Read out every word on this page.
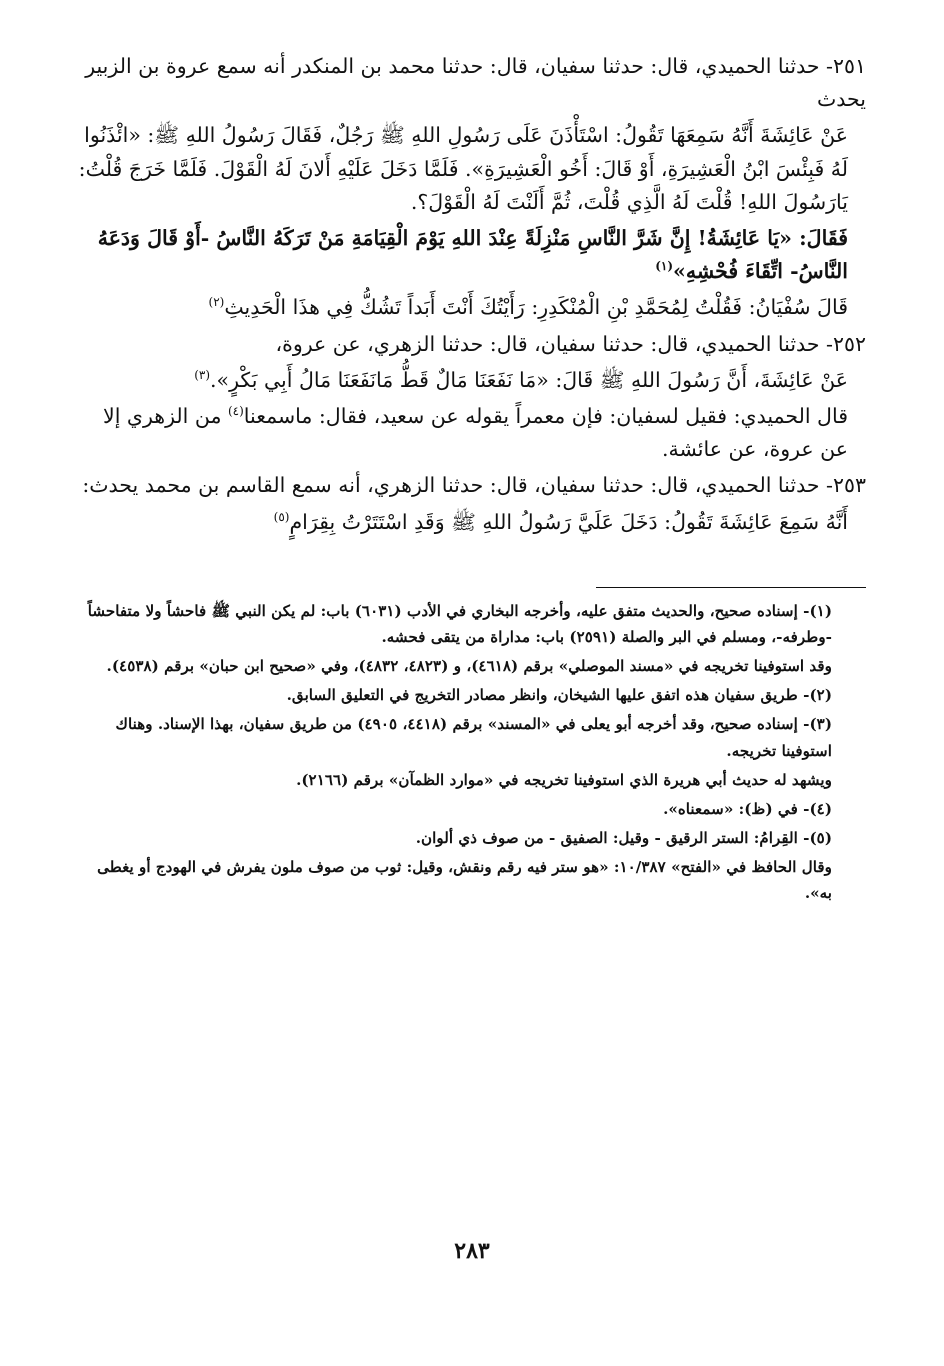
٢٥١- حدثنا الحميدي، قال: حدثنا سفيان، قال: حدثنا محمد بن المنكدر أنه سمع عروة بن الزبير يحدث

عَنْ عَائِشَةَ أَنَّهُ سَمِعَهَا تَقُولُ: اسْتَأْذَنَ عَلَى رَسُولِ اللهِ ﷺ رَجُلٌ، فَقَالَ رَسُولُ اللهِ ﷺ: «ائْذَنُوا لَهُ فَبِئْسَ ابْنُ الْعَشِيرَةِ، أَوْ قَالَ: أَخُو الْعَشِيرَةِ». فَلَمَّا دَخَلَ عَلَيْهِ أَلانَ لَهُ الْقَوْلَ. فَلَمَّا خَرَجَ قُلْتُ: يَارَسُولَ اللهِ! قُلْتَ لَهُ الَّذِي قُلْتَ، ثُمَّ أَلَنْتَ لَهُ الْقَوْلَ؟.

فَقَالَ: «يَا عَائِشَةُ! إِنَّ شَرَّ النَّاسِ مَنْزِلَةً عِنْدَ اللهِ يَوْمَ الْقِيَامَةِ مَنْ تَرَكَهُ النَّاسُ -أَوْ قَالَ وَدَعَهُ النَّاسُ- اتِّقَاءَ فُحْشِهِ»$^{(١)}$

قَالَ سُفْيَانُ: فَقُلْتُ لِمُحَمَّدِ بْنِ الْمُنْكَدِرِ: رَأَيْتُكَ أَنْتَ أَبَداً تَشُكُّ فِي هذَا الْحَدِيثِ$^{(٢)}$

٢٥٢- حدثنا الحميدي، قال: حدثنا سفيان، قال: حدثنا الزهري، عن عروة،

عَنْ عَائِشَةَ، أَنَّ رَسُولَ اللهِ ﷺ قَالَ: «مَا نَفَعَنَا مَالٌ قَطُّ مَانَفَعَنَا مَالُ أَبِي بَكْرٍ».$^{(٣)}$

قال الحميدي: فقيل لسفيان: فإن معمراً يقوله عن سعيد، فقال: ماسمعنا$^{(٤)}$ من الزهري إلا عن عروة، عن عائشة.

٢٥٣- حدثنا الحميدي، قال: حدثنا سفيان، قال: حدثنا الزهري، أنه سمع القاسم بن محمد يحدث:

أَنَّهُ سَمِعَ عَائِشَةَ تَقُولُ: دَخَلَ عَلَيَّ رَسُولُ اللهِ ﷺ وَقَدِ اسْتَتَرْتُ بِقِرَامٍ$^{(٥)}$

(١)- إسناده صحيح، والحديث متفق عليه، وأخرجه البخاري في الأدب (٦٠٣١) باب: لم يكن النبي ﷺ فاحشاً ولا متفاحشاً -وطرفه-، ومسلم في البر والصلة (٢٥٩١) باب: مداراة من يتقى فحشه.

وقد استوفينا تخريجه في «مسند الموصلي» برقم (٤٦١٨)، و (٤٨٢٣، ٤٨٣٢)، وفي «صحيح ابن حبان» برقم (٤٥٣٨).

(٢)- طريق سفيان هذه اتفق عليها الشيخان، وانظر مصادر التخريج في التعليق السابق.

(٣)- إسناده صحيح، وقد أخرجه أبو يعلى في «المسند» برقم (٤٤١٨، ٤٩٠٥) من طريق سفيان، بهذا الإسناد. وهناك استوفينا تخريجه.

ويشهد له حديث أبي هريرة الذي استوفينا تخريجه في «موارد الظمآن» برقم (٢١٦٦).

(٤)- في (ظ): «سمعناه».

(٥)- القِرامُ: الستر الرقيق - وقيل: الصفيق - من صوف ذي ألوان.

وقال الحافظ في «الفتح» ١٠/٣٨٧: «هو ستر فيه رقم ونقش، وقيل: ثوب من صوف ملون يفرش في الهودج أو يغطى به».

٢٨٣
